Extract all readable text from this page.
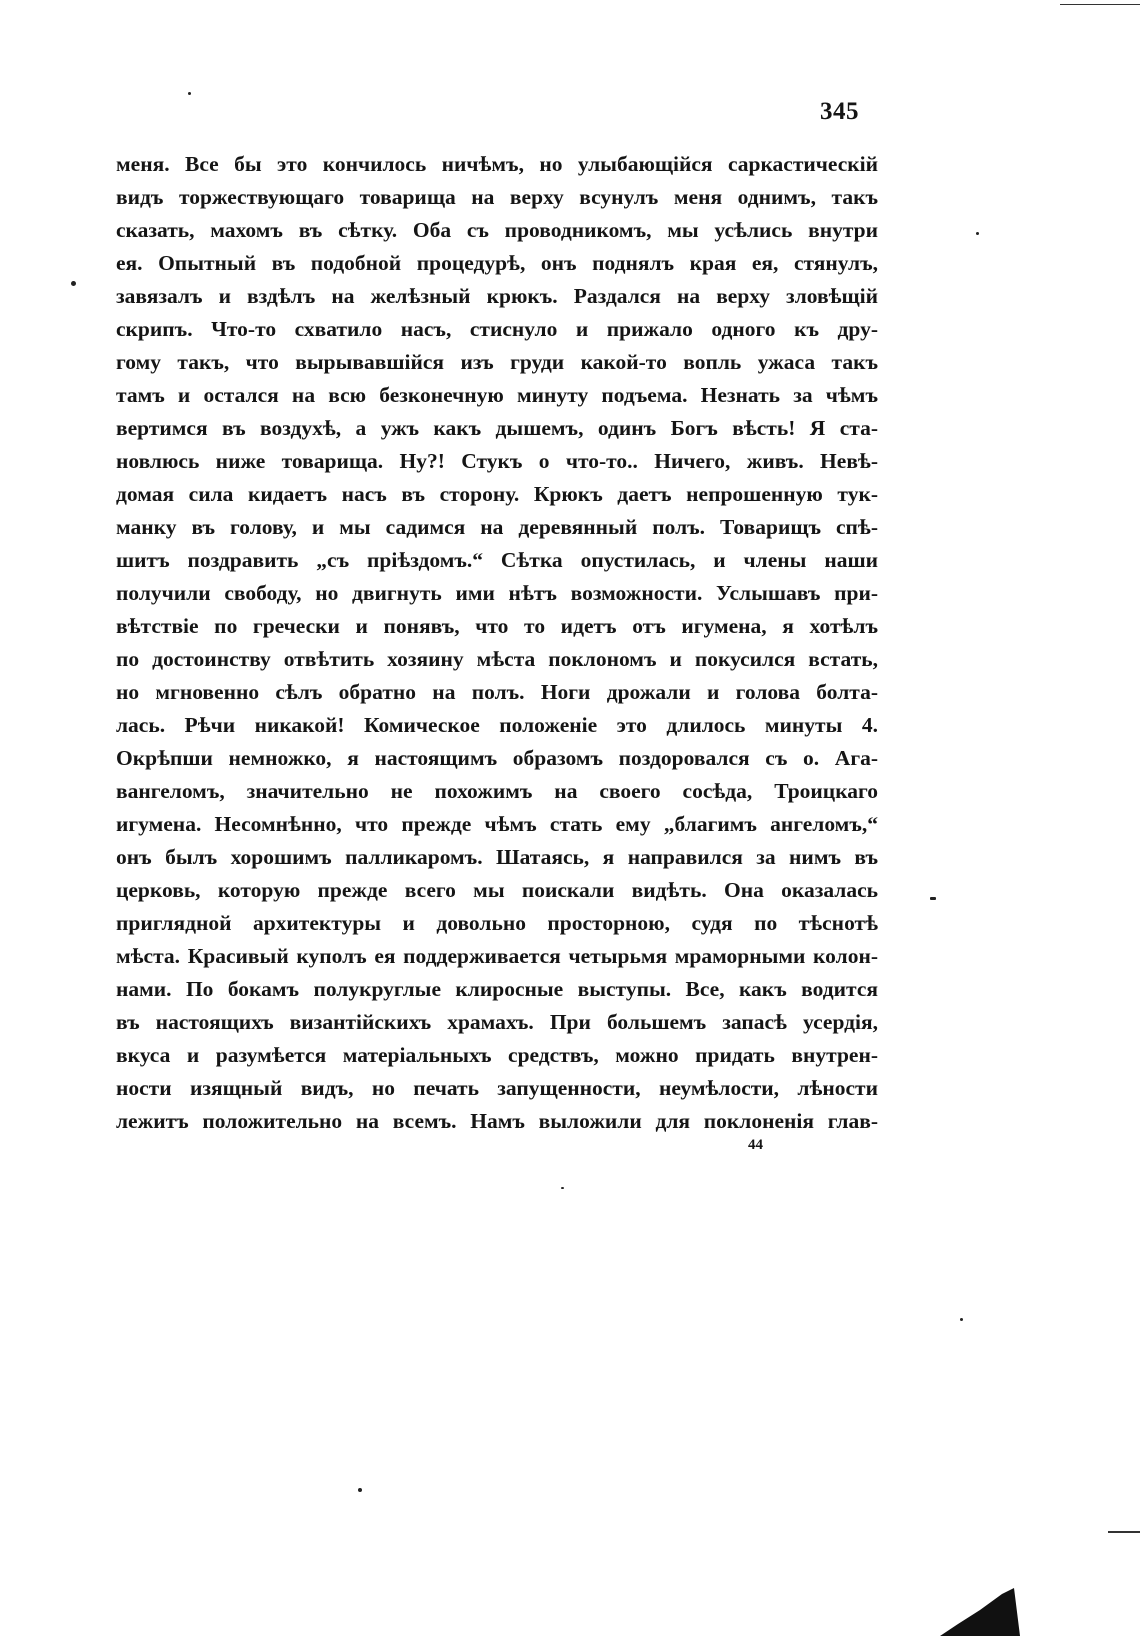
345
меня. Все бы это кончилось ничѣмъ, но улыбающійся саркастическій
видъ торжествующаго товарища на верху всунулъ меня однимъ, такъ
сказать, махомъ въ сѣтку. Оба съ проводникомъ, мы усѣлись внутри
ея. Опытный въ подобной процедурѣ, онъ поднялъ края ея, стянулъ,
завязалъ и вздѣлъ на желѣзный крюкъ. Раздался на верху зловѣщій
скрипъ. Что-то схватило насъ, стиснуло и прижало одного къ дру-
гому такъ, что вырывавшійся изъ груди какой-то вопль ужаса такъ
тамъ и остался на всю безконечную минуту подъема. Незнать за чѣмъ
вертимся въ воздухѣ, а ужъ какъ дышемъ, одинъ Богъ вѣсть! Я ста-
новлюсь ниже товарища. Ну?! Стукъ о что-то.. Ничего, живъ. Невѣ-
домая сила кидаетъ насъ въ сторону. Крюкъ даетъ непрошенную тук-
манку въ голову, и мы садимся на деревянный полъ. Товарищъ спѣ-
шитъ поздравить „съ пріѣздомъ.“ Сѣтка опустилась, и члены наши
получили свободу, но двигнуть ими нѣтъ возможности. Услышавъ при-
вѣтствіе по гречески и понявъ, что то идетъ отъ игумена, я хотѣлъ
по достоинству отвѣтить хозяину мѣста поклономъ и покусился встать,
но мгновенно сѣлъ обратно на полъ. Ноги дрожали и голова болта-
лась. Рѣчи никакой! Комическое положеніе это длилось минуты 4.
Окрѣпши немножко, я настоящимъ образомъ поздоровался съ о. Ага-
вангеломъ, значительно не похожимъ на своего сосѣда, Троицкаго
игумена. Несомнѣнно, что прежде чѣмъ стать ему „благимъ ангеломъ,“
онъ былъ хорошимъ палликаромъ. Шатаясь, я направился за нимъ въ
церковь, которую прежде всего мы поискали видѣть. Она оказалась
приглядной архитектуры и довольно просторною, судя по тѣснотѣ
мѣста. Красивый куполъ ея поддерживается четырьмя мраморными колон-
нами. По бокамъ полукруглые клиросные выступы. Все, какъ водится
въ настоящихъ византійскихъ храмахъ. При большемъ запасѣ усердія,
вкуса и разумѣется матеріальныхъ средствъ, можно придать внутрен-
ности изящный видъ, но печать запущенности, неумѣлости, лѣности
лежитъ положительно на всемъ. Намъ выложили для поклоненія глав-
44
